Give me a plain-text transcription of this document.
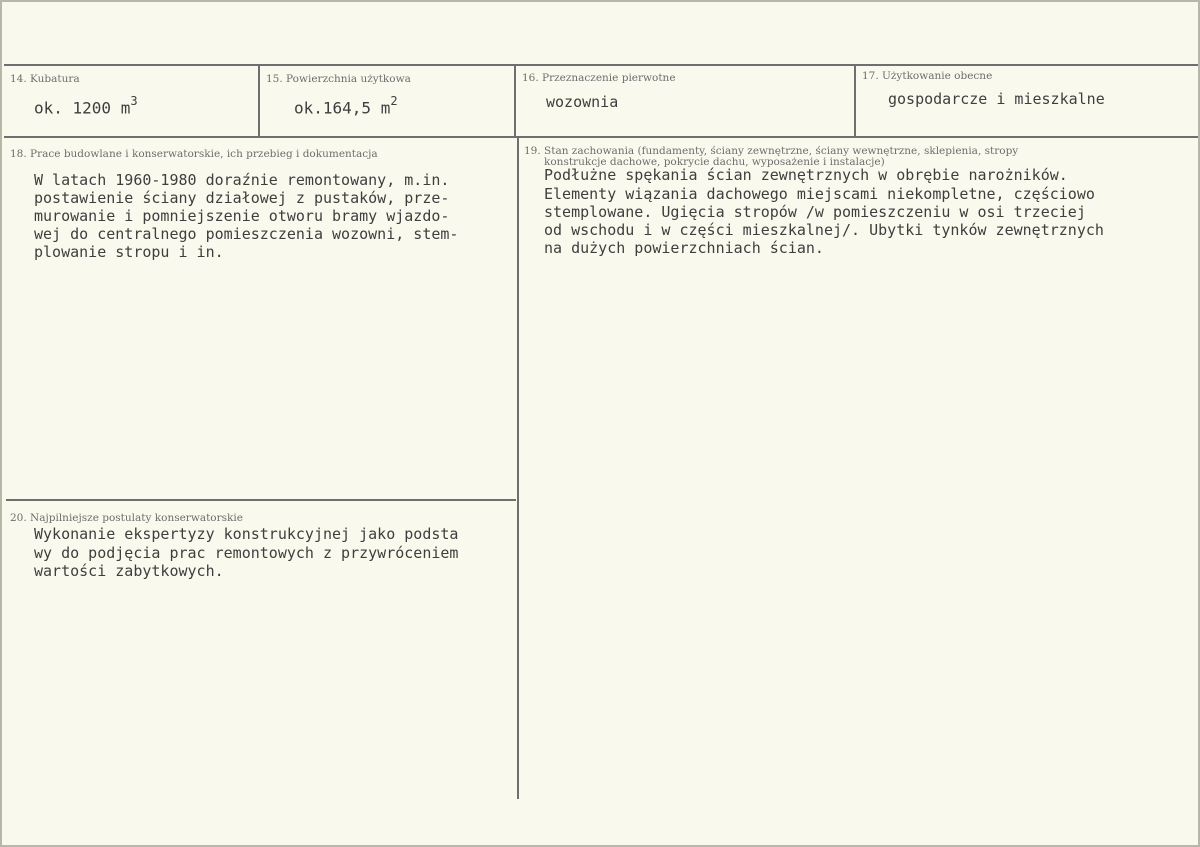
14. Kubatura
ok. 1200 $m^3$
15. Powierzchnia użytkowa
ok.164,5 $m^2$
16. Przeznaczenie pierwotne
wozownia
17. Użytkowanie obecne
gospodarcze i mieszkalne
18. Prace budowlane i konserwatorskie, ich przebieg i dokumentacja
W latach 1960-1980 doraźnie remontowany, m.in.
postawienie ściany działowej z pustaków, prze-
murowanie i pomniejszenie otworu bramy wjazdo-
wej do centralnego pomieszczenia wozowni, stem-
plowanie stropu i in.
19. Stan zachowania (fundamenty, ściany zewnętrzne, ściany wewnętrzne, sklepienia, stropy
konstrukcje dachowe, pokrycie dachu, wyposażenie i instalacje)
Podłużne spękania ścian zewnętrznych w obrębie narożników.
Elementy wiązania dachowego miejscami niekompletne, częściowo
stemplowane. Ugięcia stropów /w pomieszczeniu w osi trzeciej
od wschodu i w części mieszkalnej/. Ubytki tynków zewnętrznych
na dużych powierzchniach ścian.
20. Najpilniejsze postulaty konserwatorskie
Wykonanie ekspertyzy konstrukcyjnej jako podsta
wy do podjęcia prac remontowych z przywróceniem
wartości zabytkowych.
